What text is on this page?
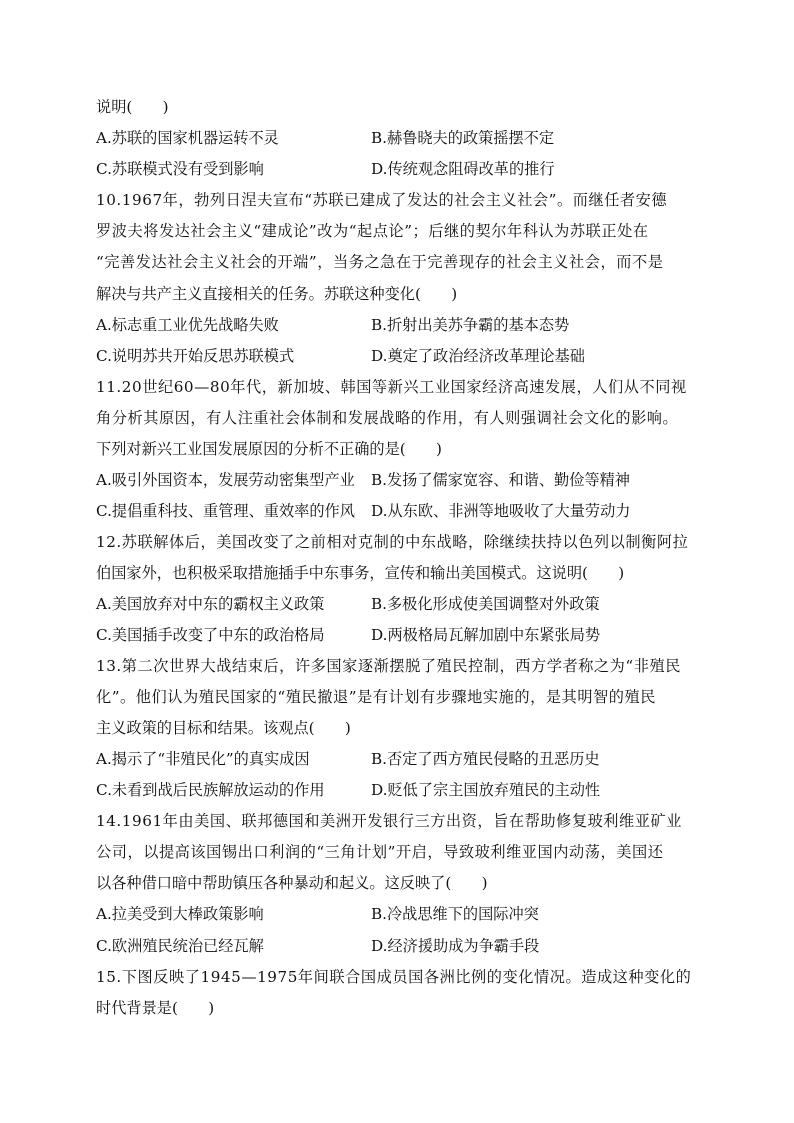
说明(　　)
A.苏联的国家机器运转不灵	B.赫鲁晓夫的政策摇摆不定
C.苏联模式没有受到影响	D.传统观念阻碍改革的推行
10.1967年，勃列日涅夫宣布“苏联已建成了发达的社会主义社会”。而继任者安德
罗波夫将发达社会主义“建成论”改为“起点论”；后继的契尔年科认为苏联正处在
“完善发达社会主义社会的开端”，当务之急在于完善现存的社会主义社会，而不是
解决与共产主义直接相关的任务。苏联这种变化(　　)
A.标志重工业优先战略失败	B.折射出美苏争霸的基本态势
C.说明苏共开始反思苏联模式	D.奠定了政治经济改革理论基础
11.20世纪60—80年代，新加坡、韩国等新兴工业国家经济高速发展，人们从不同视
角分析其原因，有人注重社会体制和发展战略的作用，有人则强调社会文化的影响。
下列对新兴工业国发展原因的分析不正确的是(　　)
A.吸引外国资本，发展劳动密集型产业 B.发扬了儒家宽容、和谐、勤俭等精神
C.提倡重科技、重管理、重效率的作风 D.从东欧、非洲等地吸收了大量劳动力
12.苏联解体后，美国改变了之前相对克制的中东战略，除继续扶持以色列以制衡阿拉
伯国家外，也积极采取措施插手中东事务，宣传和输出美国模式。这说明(　　)
A.美国放弃对中东的霸权主义政策	B.多极化形成使美国调整对外政策
C.美国插手改变了中东的政治格局	D.两极格局瓦解加剧中东紧张局势
13.第二次世界大战结束后，许多国家逐渐摆脱了殖民控制，西方学者称之为“非殖民
化”。他们认为殖民国家的“殖民撤退”是有计划有步骤地实施的，是其明智的殖民
主义政策的目标和结果。该观点(　　)
A.揭示了“非殖民化”的真实成因	B.否定了西方殖民侵略的丑恶历史
C.未看到战后民族解放运动的作用	D.贬低了宗主国放弃殖民的主动性
14.1961年由美国、联邦德国和美洲开发银行三方出资，旨在帮助修复玻利维亚矿业
公司，以提高该国锡出口利润的“三角计划”开启，导致玻利维亚国内动荡，美国还
以各种借口暗中帮助镇压各种暴动和起义。这反映了(　　)
A.拉美受到大棒政策影响	B.冷战思维下的国际冲突
C.欧洲殖民统治已经瓦解	D.经济援助成为争霸手段
15.下图反映了1945—1975年间联合国成员国各洲比例的变化情况。造成这种变化的
时代背景是(　　)
